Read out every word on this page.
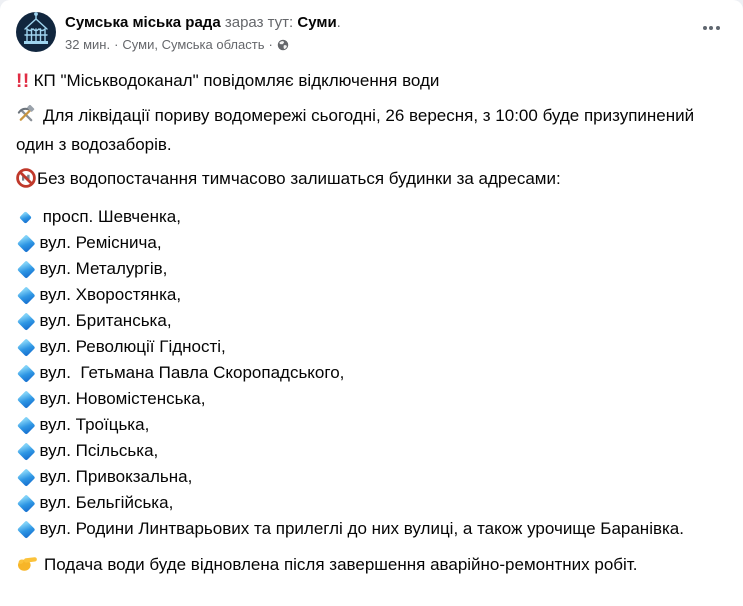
Сумська міська рада зараз тут: Суми.
32 мин. · Суми, Сумська область ·

!! КП "Міськводоканал" повідомляє відключення води

Для ліквідації пориву водомережі сьогодні, 26 вересня, з 10:00 буде призупинений один з водозаборів.

Без водопостачання тимчасово залишаться будинки за адресами:

просп. Шевченка,
вул. Реміснича,
вул. Металургів,
вул. Хворостянка,
вул. Британська,
вул. Революції Гідності,
вул.  Гетьмана Павла Скоропадського,
вул. Новомістенська,
вул. Троїцька,
вул. Псільська,
вул. Привокзальна,
вул. Бельгійська,
вул. Родини Линтварьових та прилеглі до них вулиці, а також урочище Баранівка.

Подача води буде відновлена після завершення аварійно-ремонтних робіт.
